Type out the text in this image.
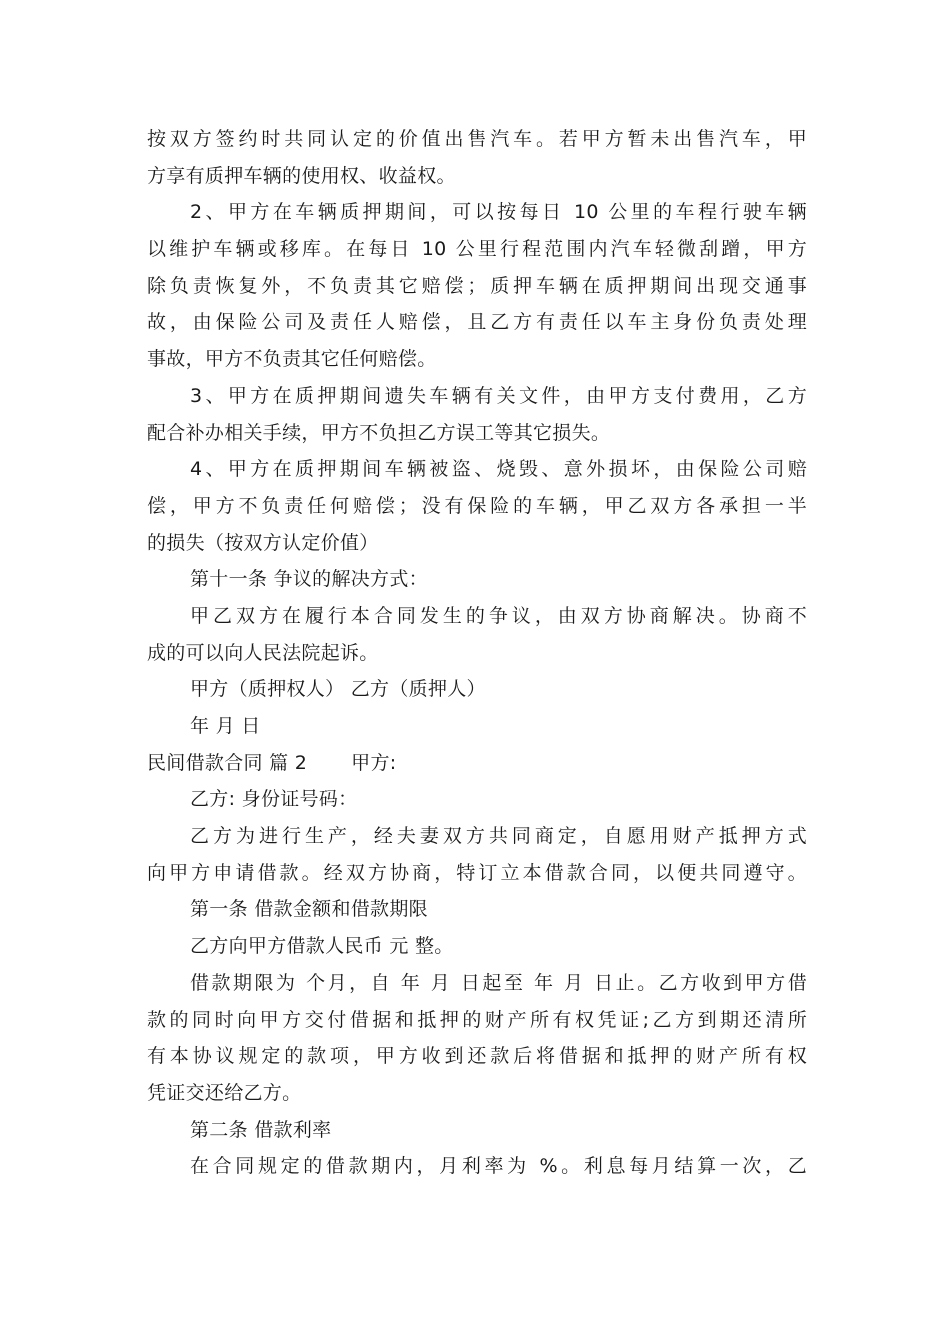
按双方签约时共同认定的价值出售汽车。若甲方暂未出售汽车，甲
方享有质押车辆的使用权、收益权。
2、甲方在车辆质押期间，可以按每日 10 公里的车程行驶车辆
以维护车辆或移库。在每日 10 公里行程范围内汽车轻微刮蹭，甲方
除负责恢复外，不负责其它赔偿；质押车辆在质押期间出现交通事
故，由保险公司及责任人赔偿，且乙方有责任以车主身份负责处理
事故，甲方不负责其它任何赔偿。
3、甲方在质押期间遗失车辆有关文件，由甲方支付费用，乙方
配合补办相关手续，甲方不负担乙方误工等其它损失。
4、甲方在质押期间车辆被盗、烧毁、意外损坏，由保险公司赔
偿，甲方不负责任何赔偿；没有保险的车辆，甲乙双方各承担一半
的损失（按双方认定价值）
第十一条 争议的解决方式：
甲乙双方在履行本合同发生的争议，由双方协商解决。协商不
成的可以向人民法院起诉。
甲方（质押权人） 乙方（质押人）
年 月 日
民间借款合同 篇 2 甲方:
乙方: 身份证号码：
乙方为进行生产，经夫妻双方共同商定，自愿用财产抵押方式
向甲方申请借款。经双方协商，特订立本借款合同，以便共同遵守。
第一条 借款金额和借款期限
乙方向甲方借款人民币 元 整。
借款期限为 个月，自 年 月 日起至 年 月 日止。乙方收到甲方借
款的同时向甲方交付借据和抵押的财产所有权凭证;乙方到期还清所
有本协议规定的款项，甲方收到还款后将借据和抵押的财产所有权
凭证交还给乙方。
第二条 借款利率
在合同规定的借款期内，月利率为 %。利息每月结算一次，乙
